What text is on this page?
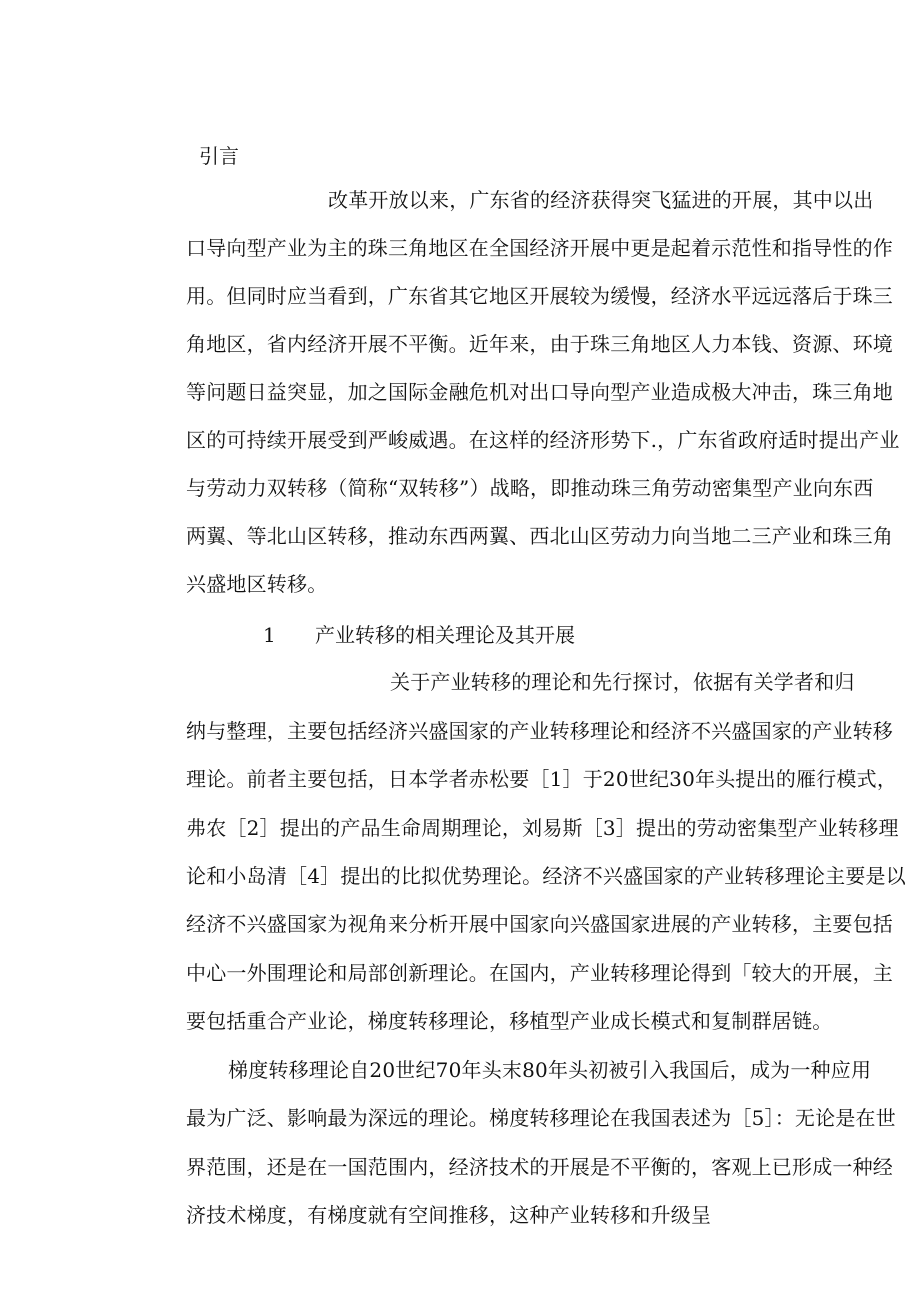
引言
改革开放以来，广东省的经济获得突飞猛进的开展，其中以出
口导向型产业为主的珠三角地区在全国经济开展中更是起着示范性和指导性的作
用。但同时应当看到，广东省其它地区开展较为缓慢，经济水平远远落后于珠三
角地区，省内经济开展不平衡。近年来，由于珠三角地区人力本钱、资源、环境
等问题日益突显，加之国际金融危机对出口导向型产业造成极大冲击，珠三角地
区的可持续开展受到严峻威遇。在这样的经济形势下.，广东省政府适时提出产业
与劳动力双转移（简称“双转移”）战略，即推动珠三角劳动密集型产业向东西
两翼、等北山区转移，推动东西两翼、西北山区劳动力向当地二三产业和珠三角
兴盛地区转移。
1 产业转移的相关理论及其开展
关于产业转移的理论和先行探讨，依据有关学者和归
纳与整理，主要包括经济兴盛国家的产业转移理论和经济不兴盛国家的产业转移
理论。前者主要包括，日本学者赤松要［1］于20世纪30年头提出的雁行模式，
弗农［2］提出的产品生命周期理论，刘易斯［3］提出的劳动密集型产业转移理
论和小岛清［4］提出的比拟优势理论。经济不兴盛国家的产业转移理论主要是以
经济不兴盛国家为视角来分析开展中国家向兴盛国家进展的产业转移，主要包括
中心一外围理论和局部创新理论。在国内，产业转移理论得到「较大的开展，主
要包括重合产业论，梯度转移理论，移植型产业成长模式和复制群居链。
梯度转移理论自20世纪70年头末80年头初被引入我国后，成为一种应用
最为广泛、影响最为深远的理论。梯度转移理论在我国表述为［5］：无论是在世
界范围，还是在一国范围内，经济技术的开展是不平衡的，客观上已形成一种经
济技术梯度，有梯度就有空间推移，这种产业转移和升级呈
